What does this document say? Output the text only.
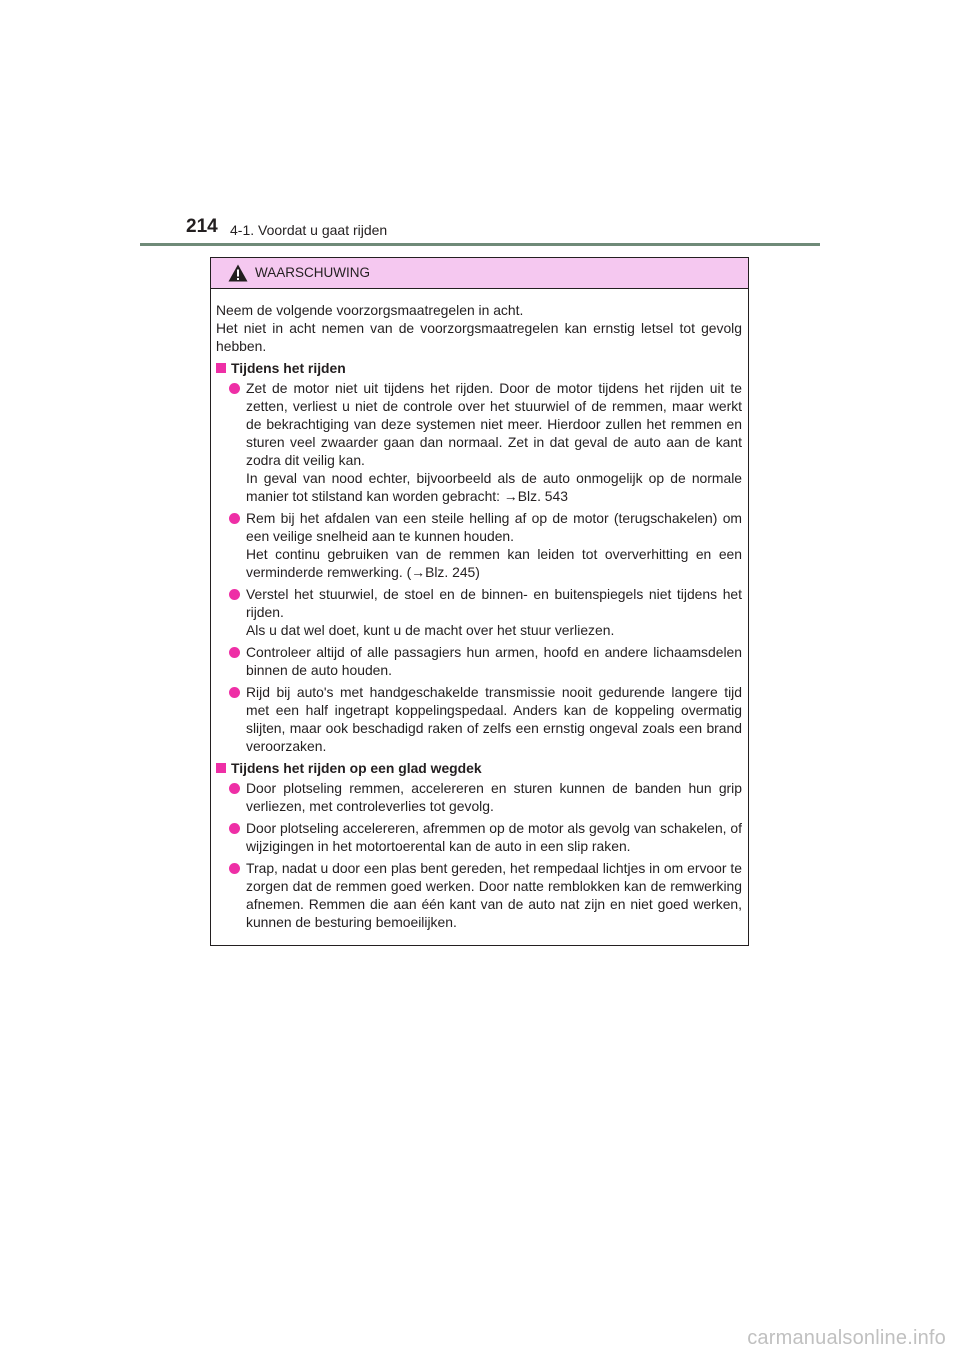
214 4-1. Voordat u gaat rijden
WAARSCHUWING

Neem de volgende voorzorgsmaatregelen in acht.

Het niet in acht nemen van de voorzorgsmaatregelen kan ernstig letsel tot gevolg hebben.

Tijdens het rijden

Zet de motor niet uit tijdens het rijden. Door de motor tijdens het rijden uit te zetten, verliest u niet de controle over het stuurwiel of de remmen, maar werkt de bekrachtiging van deze systemen niet meer. Hierdoor zullen het remmen en sturen veel zwaarder gaan dan normaal. Zet in dat geval de auto aan de kant zodra dit veilig kan.

In geval van nood echter, bijvoorbeeld als de auto onmogelijk op de normale manier tot stilstand kan worden gebracht: →Blz. 543

Rem bij het afdalen van een steile helling af op de motor (terugschakelen) om een veilige snelheid aan te kunnen houden.

Het continu gebruiken van de remmen kan leiden tot oververhitting en een verminderde remwerking. (→Blz. 245)

Verstel het stuurwiel, de stoel en de binnen- en buitenspiegels niet tijdens het rijden.

Als u dat wel doet, kunt u de macht over het stuur verliezen.

Controleer altijd of alle passagiers hun armen, hoofd en andere lichaamsdelen binnen de auto houden.

Rijd bij auto's met handgeschakelde transmissie nooit gedurende langere tijd met een half ingetrapt koppelingspedaal. Anders kan de koppeling overmatig slijten, maar ook beschadigd raken of zelfs een ernstig ongeval zoals een brand veroorzaken.

Tijdens het rijden op een glad wegdek

Door plotseling remmen, accelereren en sturen kunnen de banden hun grip verliezen, met controleverlies tot gevolg.

Door plotseling accelereren, afremmen op de motor als gevolg van schakelen, of wijzigingen in het motortoerental kan de auto in een slip raken.

Trap, nadat u door een plas bent gereden, het rempedaal lichtjes in om ervoor te zorgen dat de remmen goed werken. Door natte remblokken kan de remwerking afnemen. Remmen die aan één kant van de auto nat zijn en niet goed werken, kunnen de besturing bemoeilijken.

carmanualsonline.info
